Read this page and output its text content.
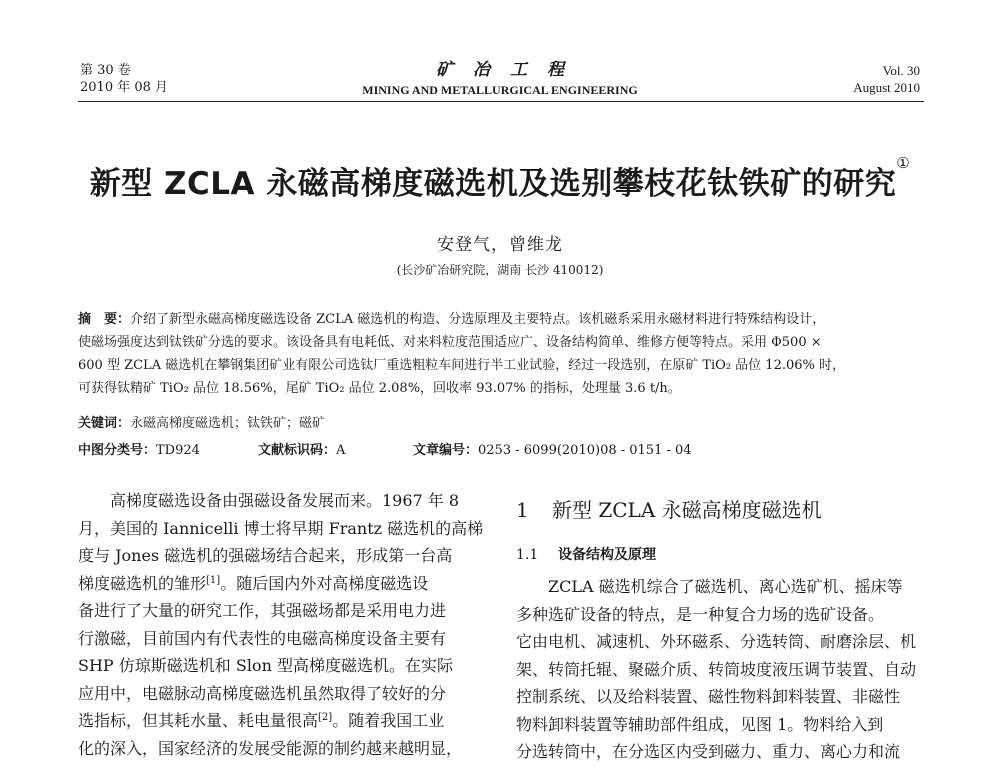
第 30 卷
2010 年 08 月
矿冶工程
MINING AND METALLURGICAL ENGINEERING
Vol. 30
August 2010
新型 ZCLA 永磁高梯度磁选机及选别攀枝花钛铁矿的研究①
安登气，曾维龙
(长沙矿冶研究院，湖南 长沙 410012)

摘　要：介绍了新型永磁高梯度磁选设备 ZCLA 磁选机的构造、分选原理及主要特点。该机磁系采用永磁材料进行特殊结构设计，

使磁场强度达到钛铁矿分选的要求。该设备具有电耗低、对来料粒度范围适应广、设备结构简单、维修方便等特点。采用 Φ500 ×

600 型 ZCLA 磁选机在攀钢集团矿业有限公司选钛厂重选粗粒车间进行半工业试验，经过一段选别，在原矿 TiO₂ 品位 12.06% 时，

可获得钛精矿 TiO₂ 品位 18.56%，尾矿 TiO₂ 品位 2.08%，回收率 93.07% 的指标，处理量 3.6 t/h。

关键词：永磁高梯度磁选机；钛铁矿；磁矿
中图分类号：TD924	文献标识码：A	文章编号：0253 - 6099(2010)08 - 0151 - 04

　　高梯度磁选设备由强磁设备发展而来。1967 年 8

月，美国的 Iannicelli 博士将早期 Frantz 磁选机的高梯

度与 Jones 磁选机的强磁场结合起来，形成第一台高

梯度磁选机的雏形[1]。随后国内外对高梯度磁选设

备进行了大量的研究工作，其强磁场都是采用电力进

行激磁，目前国内有代表性的电磁高梯度设备主要有

SHP 仿琼斯磁选机和 Slon 型高梯度磁选机。在实际

应用中，电磁脉动高梯度磁选机虽然取得了较好的分

选指标，但其耗水量、耗电量很高[2]。随着我国工业

化的深入，国家经济的发展受能源的制约越来越明显，

1 新型 ZCLA 永磁高梯度磁选机
1.1 设备结构及原理

　　ZCLA 磁选机综合了磁选机、离心选矿机、摇床等

多种选矿设备的特点，是一种复合力场的选矿设备。

它由电机、减速机、外环磁系、分选转筒、耐磨涂层、机

架、转筒托辊、聚磁介质、转筒坡度液压调节装置、自动

控制系统、以及给料装置、磁性物料卸料装置、非磁性

物料卸料装置等辅助部件组成，见图 1。物料给入到

分选转筒中，在分选区内受到磁力、重力、离心力和流
